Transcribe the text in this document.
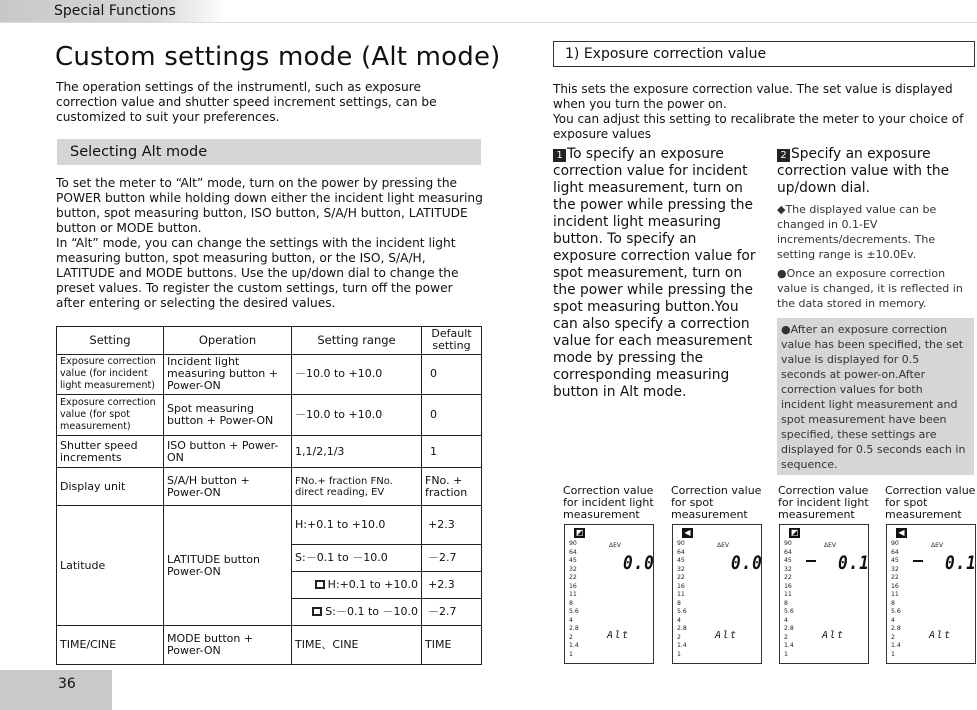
Special Functions
Custom settings mode (Alt mode)
The operation settings of the instrumentl, such as exposure correction value and shutter speed increment settings, can be customized to suit your preferences.
Selecting Alt mode
To set the meter to “Alt” mode, turn on the power by pressing the POWER button while holding down either the incident light measuring button, spot measuring button, ISO button, S/A/H button, LATITUDE button or MODE button.
In “Alt” mode, you can change the settings with the incident light measuring button, spot measuring button, or the ISO, S/A/H, LATITUDE and MODE buttons. Use the up/down dial to change the preset values. To register the custom settings, turn off the power after entering or selecting the desired values.
Setting	Operation	Setting range	Default setting
Exposure correction value (for incident light measurement)	Incident light measuring button + Power-ON	－10.0 to +10.0	0
Exposure correction value (for spot measurement)	Spot measuring button + Power-ON	－10.0 to +10.0	0
Shutter speed increments	ISO button + Power-ON	1,1/2,1/3	1
Display unit	S/A/H button + Power-ON	FNo.+ fraction FNo. direct reading, EV	FNo. + fraction
Latitude	LATITUDE button Power-ON	H:+0.1 to +10.0	+2.3
		S:－0.1 to －10.0	－2.7
		H:+0.1 to +10.0	+2.3
		S:－0.1 to －10.0	－2.7
TIME/CINE	MODE button + Power-ON	TIME、CINE	TIME
36
1) Exposure correction value
This sets the exposure correction value. The set value is displayed when you turn the power on.
You can adjust this setting to recalibrate the meter to your choice of exposure values
1 To specify an exposure correction value for incident light measurement, turn on the power while pressing the incident light measuring button. To specify an exposure correction value for spot measurement, turn on the power while pressing the spot measuring button.You can also specify a correction value for each measurement mode by pressing the corresponding measuring button in Alt mode.
2 Specify an exposure correction value with the up/down dial.
◆The displayed value can be changed in 0.1-EV increments/decrements. The setting range is ±10.0Ev.
●Once an exposure correction value is changed, it is reflected in the data stored in memory.
●After an exposure correction value has been specified, the set value is displayed for 0.5 seconds at power-on.After correction values for both incident light measurement and spot measurement have been specified, these settings are displayed for 0.5 seconds each in sequence.
Correction value for incident light measurement
◩
90
64
45
32
22
16
11
8
5.6
4
2.8
2
1.4
1
ΔEV
0.0
Alt
Correction value for spot measurement
◀
90
64
45
32
22
16
11
8
5.6
4
2.8
2
1.4
1
ΔEV
0.0
Alt
Correction value for incident light measurement
◩
90
64
45
32
22
16
11
8
5.6
4
2.8
2
1.4
1
ΔEV
0.1
Alt
Correction value for spot measurement
◀
90
64
45
32
22
16
11
8
5.6
4
2.8
2
1.4
1
ΔEV
0.1
Alt
